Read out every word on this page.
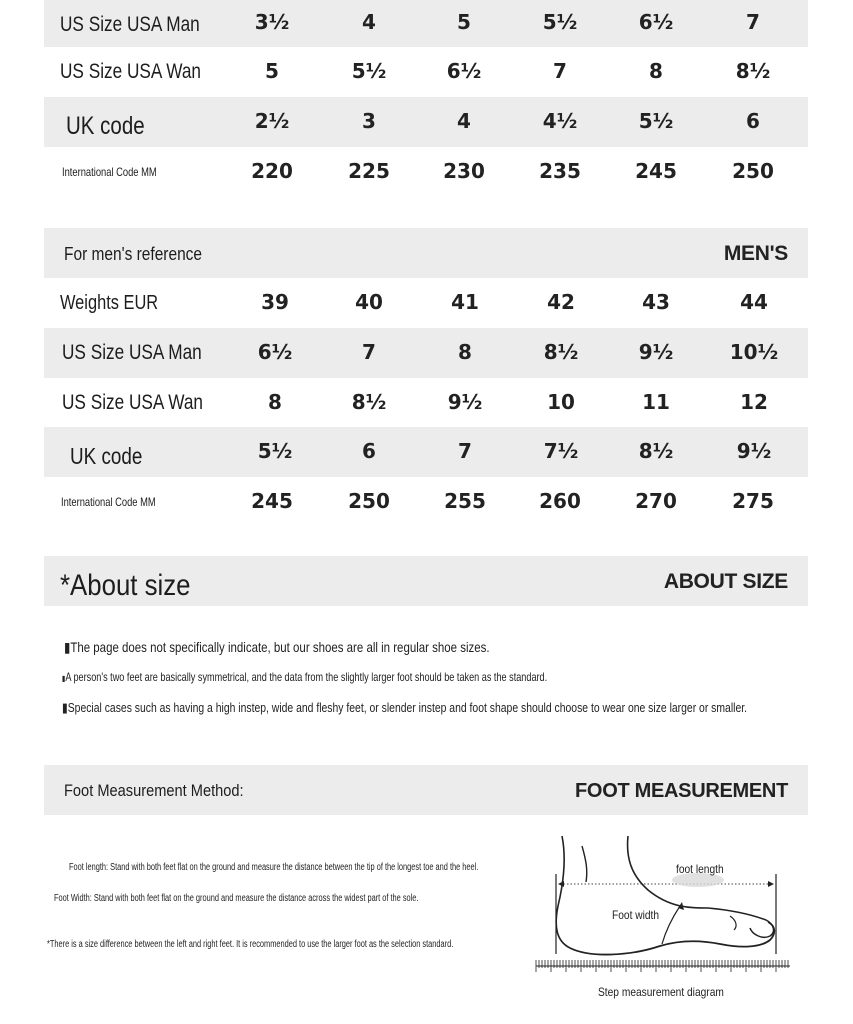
US Size USA Man	3½	4	5	5½	6½	7
US Size USA Wan	5	5½	6½	7	8	8½
UK code	2½	3	4	4½	5½	6
International Code MM	220	225	230	235	245	250
For men's reference	MEN'S
Weights EUR	39	40	41	42	43	44
US Size USA Man	6½	7	8	8½	9½	10½
US Size USA Wan	8	8½	9½	10	11	12
UK code	5½	6	7	7½	8½	9½
International Code MM	245	250	255	260	270	275
*About size	ABOUT SIZE
▮The page does not specifically indicate, but our shoes are all in regular shoe sizes.
▮A person's two feet are basically symmetrical, and the data from the slightly larger foot should be taken as the standard.
▮Special cases such as having a high instep, wide and fleshy feet, or slender instep and foot shape should choose to wear one size larger or smaller.
Foot Measurement Method:	FOOT MEASUREMENT
Foot length: Stand with both feet flat on the ground and measure the distance between the tip of the longest toe and the heel.
Foot Width: Stand with both feet flat on the ground and measure the distance across the widest part of the sole.
*There is a size difference between the left and right feet. It is recommended to use the larger foot as the selection standard.
foot length
Foot width
Step measurement diagram
